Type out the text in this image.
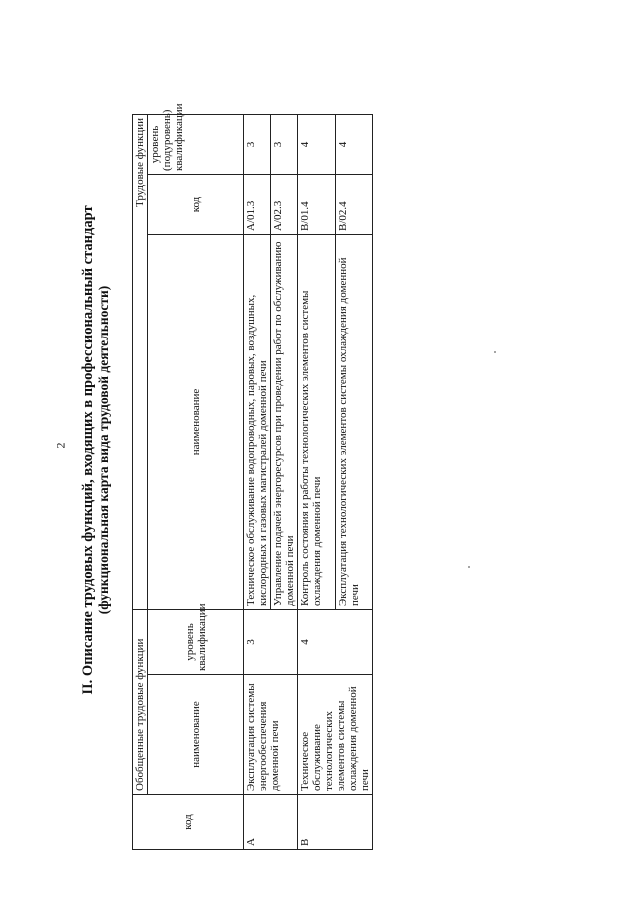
2 II. Описание трудовых функций, входящих в профессиональный стандарт (функциональная карта вида трудовой деятельности)
код	Обобщенные трудовые функции		Трудовые функции		
	наименование	уровень квалификации	наименование	код	уровень (подуровень) квалификации
A	Эксплуатация системы энергообеспечения доменной печи	3	Техническое обслуживание водопроводных, паровых, воздушных, кислородных и газовых магистралей доменной печи	А/01.3	3
			Управление подачей энергоресурсов при проведении работ по обслуживанию доменной печи	А/02.3	3
B	Техническое обслуживание технологических элементов системы охлаждения доменной печи	4	Контроль состояния и работы технологических элементов системы охлаждения доменной печи	В/01.4	4
			Эксплуатация технологических элементов системы охлаждения доменной печи	В/02.4	4
